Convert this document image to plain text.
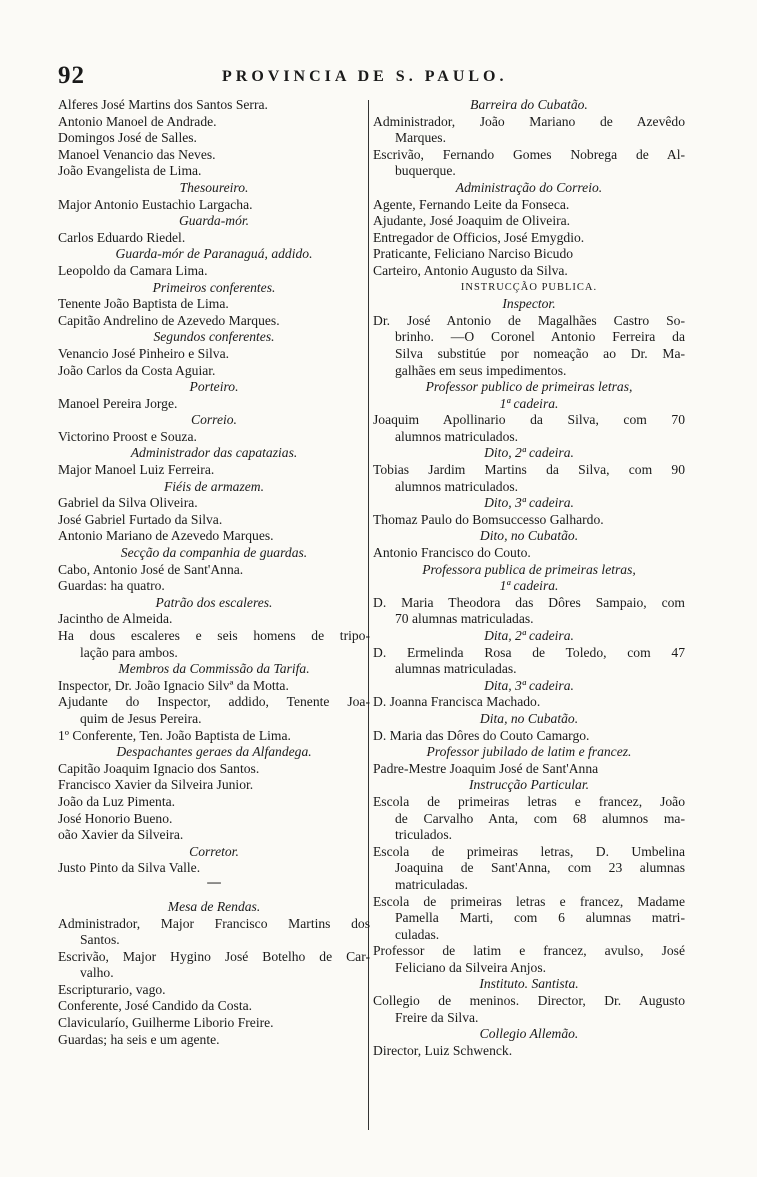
92	PROVINCIA DE S. PAULO.
Alferes José Martins dos Santos Serra.
Antonio Manoel de Andrade.
Domingos José de Salles.
Manoel Venancio das Neves.
João Evangelista de Lima.
Thesoureiro.
Major Antonio Eustachio Largacha.
Guarda-mór.
Carlos Eduardo Riedel.
Guarda-mór de Paranaguá, addido.
Leopoldo da Camara Lima.
Primeiros conferentes.
Tenente João Baptista de Lima.
Capitão Andrelino de Azevedo Marques.
Segundos conferentes.
Venancio José Pinheiro e Silva.
João Carlos da Costa Aguiar.
Porteiro.
Manoel Pereira Jorge.
Correio.
Victorino Proost e Souza.
Administrador das capatazias.
Major Manoel Luiz Ferreira.
Fiéis de armazem.
Gabriel da Silva Oliveira.
José Gabriel Furtado da Silva.
Antonio Mariano de Azevedo Marques.
Secção da companhia de guardas.
Cabo, Antonio José de Sant'Anna.
Guardas: ha quatro.
Patrão dos escaleres.
Jacintho de Almeida.
Ha dous escaleres e seis homens de tripo-
lação para ambos.
Membros da Commissão da Tarifa.
Inspector, Dr. João Ignacio Silvª da Motta.
Ajudante do Inspector, addido, Tenente Joa-
quim de Jesus Pereira.
1º Conferente, Ten. João Baptista de Lima.
Despachantes geraes da Alfandega.
Capitão Joaquim Ignacio dos Santos.
Francisco Xavier da Silveira Junior.
João da Luz Pimenta.
José Honorio Bueno.
oão Xavier da Silveira.
Corretor.
Justo Pinto da Silva Valle.
—
Mesa de Rendas.
Administrador, Major Francisco Martins dos
Santos.
Escrivão, Major Hygino José Botelho de Car-
valho.
Escripturario, vago.
Conferente, José Candido da Costa.
Clavicularío, Guilherme Liborio Freire.
Guardas; ha seis e um agente.
Barreira do Cubatão.
Administrador, João Mariano de Azevêdo
Marques.
Escrivão, Fernando Gomes Nobrega de Al-
buquerque.
Administração do Correio.
Agente, Fernando Leite da Fonseca.
Ajudante, José Joaquim de Oliveira.
Entregador de Officios, José Emygdio.
Praticante, Feliciano Narciso Bicudo
Carteiro, Antonio Augusto da Silva.
INSTRUCÇÃO PUBLICA.
Inspector.
Dr. José Antonio de Magalhães Castro So-
brinho. —O Coronel Antonio Ferreira da
Silva substitúe por nomeação ao Dr. Ma-
galhães em seus impedimentos.
Professor publico de primeiras letras,
1ª cadeira.
Joaquim Apollinario da Silva, com 70
alumnos matriculados.
Dito, 2ª cadeira.
Tobias Jardim Martins da Silva, com 90
alumnos matriculados.
Dito, 3ª cadeira.
Thomaz Paulo do Bomsuccesso Galhardo.
Dito, no Cubatão.
Antonio Francisco do Couto.
Professora publica de primeiras letras,
1ª cadeira.
D. Maria Theodora das Dôres Sampaio, com
70 alumnas matriculadas.
Dita, 2ª cadeira.
D. Ermelinda Rosa de Toledo, com 47
alumnas matriculadas.
Dita, 3ª cadeira.
D. Joanna Francisca Machado.
Dita, no Cubatão.
D. Maria das Dôres do Couto Camargo.
Professor jubilado de latim e francez.
Padre-Mestre Joaquim José de Sant'Anna
Instrucção Particular.
Escola de primeiras letras e francez, João
de Carvalho Anta, com 68 alumnos ma-
triculados.
Escola de primeiras letras, D. Umbelina
Joaquina de Sant'Anna, com 23 alumnas
matriculadas.
Escola de primeiras letras e francez, Madame
Pamella Marti, com 6 alumnas matri-
culadas.
Professor de latim e francez, avulso, José
Feliciano da Silveira Anjos.
Instituto. Santista.
Collegio de meninos. Director, Dr. Augusto
Freire da Silva.
Collegio Allemão.
Director, Luiz Schwenck.
